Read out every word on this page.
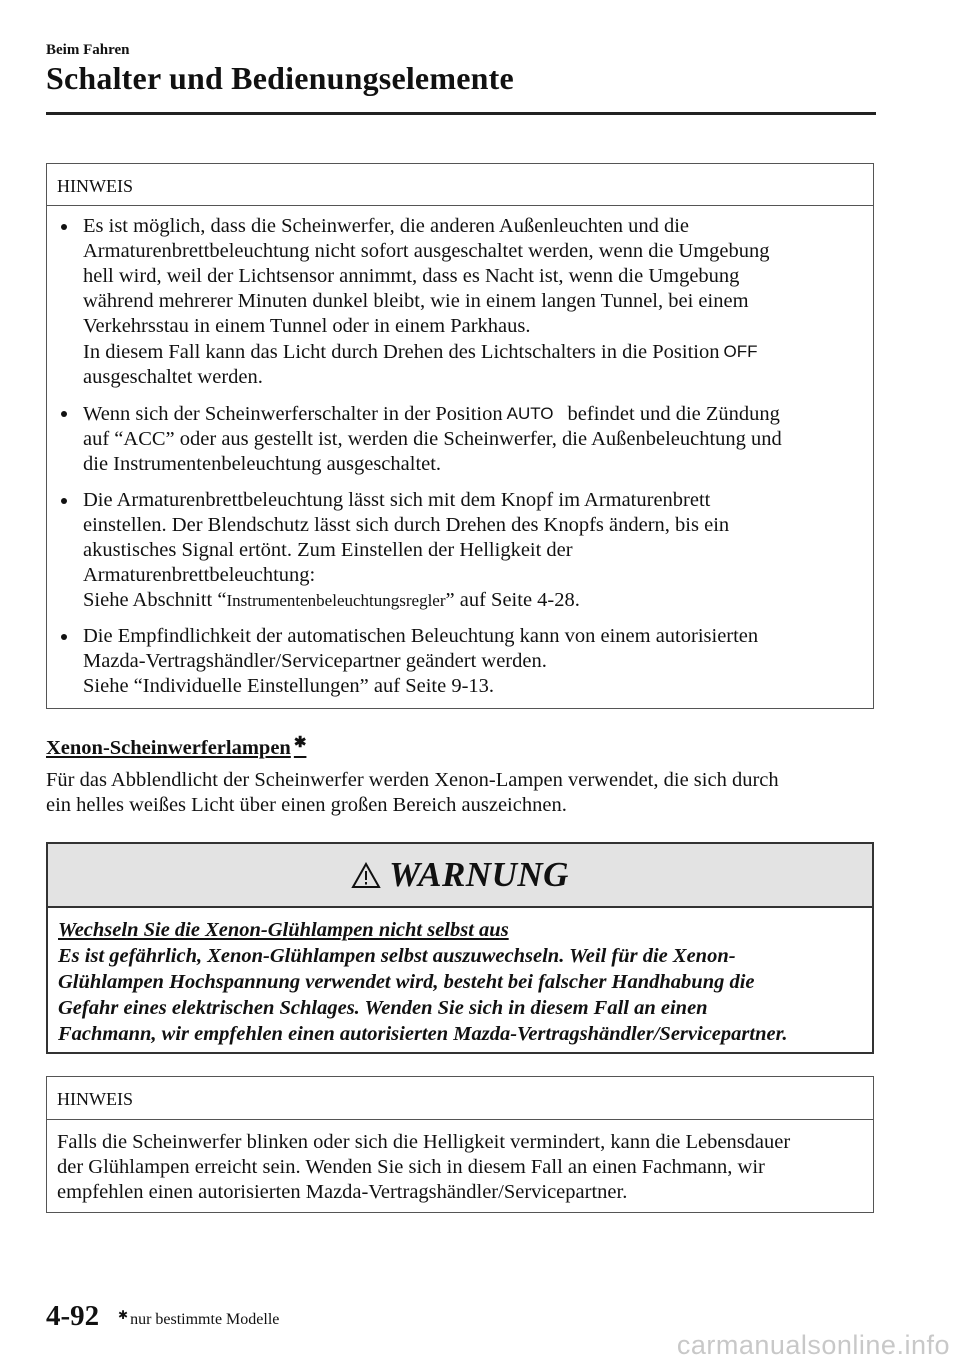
Beim Fahren
Schalter und Bedienungselemente
HINWEIS
Es ist möglich, dass die Scheinwerfer, die anderen Außenleuchten und die
Armaturenbrettbeleuchtung nicht sofort ausgeschaltet werden, wenn die Umgebung
hell wird, weil der Lichtsensor annimmt, dass es Nacht ist, wenn die Umgebung
während mehrerer Minuten dunkel bleibt, wie in einem langen Tunnel, bei einem
Verkehrsstau in einem Tunnel oder in einem Parkhaus.
In diesem Fall kann das Licht durch Drehen des Lichtschalters in die Position OFF
ausgeschaltet werden.
Wenn sich der Scheinwerferschalter in der Position AUTO befindet und die Zündung
auf “ACC” oder aus gestellt ist, werden die Scheinwerfer, die Außenbeleuchtung und
die Instrumentenbeleuchtung ausgeschaltet.
Die Armaturenbrettbeleuchtung lässt sich mit dem Knopf im Armaturenbrett
einstellen. Der Blendschutz lässt sich durch Drehen des Knopfs ändern, bis ein
akustisches Signal ertönt. Zum Einstellen der Helligkeit der
Armaturenbrettbeleuchtung:
Siehe Abschnitt “Instrumentenbeleuchtungsregler” auf Seite 4-28.
Die Empfindlichkeit der automatischen Beleuchtung kann von einem autorisierten
Mazda-Vertragshändler/Servicepartner geändert werden.
Siehe “Individuelle Einstellungen” auf Seite 9-13.
Xenon-Scheinwerferlampen ✱
Für das Abblendlicht der Scheinwerfer werden Xenon-Lampen verwendet, die sich durch
ein helles weißes Licht über einen großen Bereich auszeichnen.
WARNUNG
Wechseln Sie die Xenon-Glühlampen nicht selbst aus
Es ist gefährlich, Xenon-Glühlampen selbst auszuwechseln. Weil für die Xenon-
Glühlampen Hochspannung verwendet wird, besteht bei falscher Handhabung die
Gefahr eines elektrischen Schlages. Wenden Sie sich in diesem Fall an einen
Fachmann, wir empfehlen einen autorisierten Mazda-Vertragshändler/Servicepartner.
HINWEIS
Falls die Scheinwerfer blinken oder sich die Helligkeit vermindert, kann die Lebensdauer
der Glühlampen erreicht sein. Wenden Sie sich in diesem Fall an einen Fachmann, wir
empfehlen einen autorisierten Mazda-Vertragshändler/Servicepartner.
4-92 ✱ nur bestimmte Modelle
carmanualsonline.info
